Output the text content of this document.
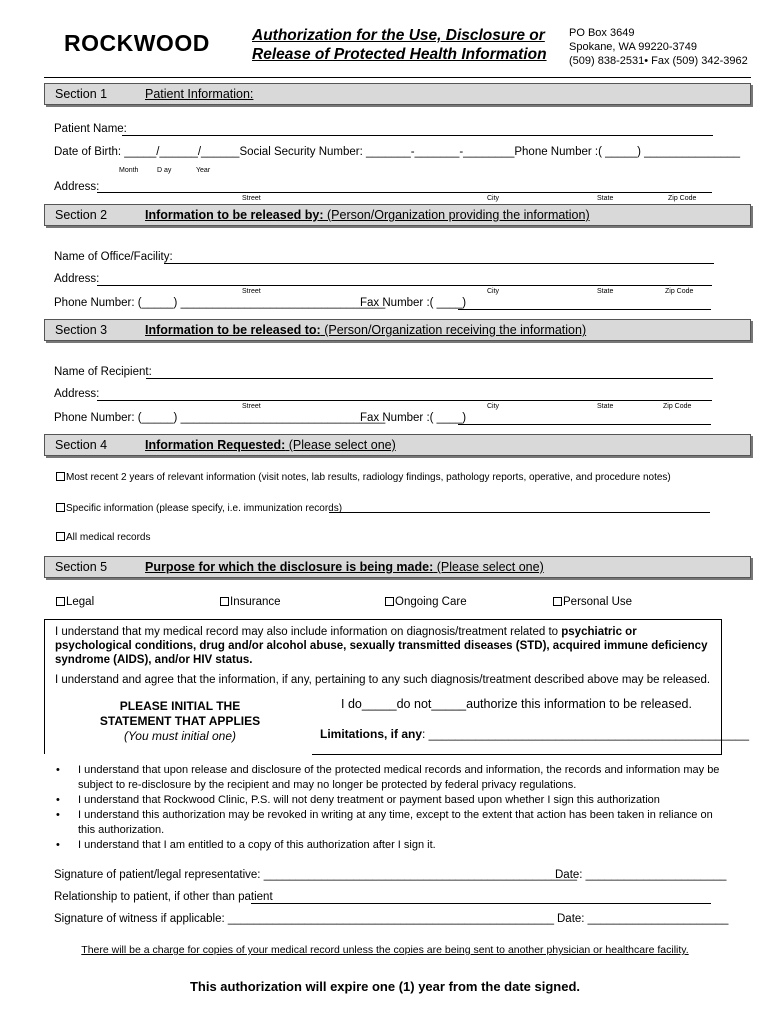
ROCKWOOD	Authorization for the Use, Disclosure or
Release of Protected Health Information
PO Box 3649
Spokane, WA 99220-3749
(509) 838-2531• Fax (509) 342-3962
Section 1	Patient Information:
Patient Name:
Date of Birth: _____/______/______Social Security Number: _______-_______-________Phone Number :( _____) _______________
Month	D ay	Year
Address:
Street	City	State	Zip Code
Section 2	Information to be released by: (Person/Organization providing the information)
Name of Office/Facility:
Address:
Street	City	State	Zip Code
Phone Number: (_____) ________________________________
Fax Number :( ____)
Section 3	Information to be released to: (Person/Organization receiving the information)
Name of Recipient:
Address:
Street	City	State	Zip Code
Phone Number: (_____) ________________________________
Fax Number :( ____)
Section 4	Information Requested: (Please select one)
Most recent 2 years of relevant information (visit notes, lab results, radiology findings, pathology reports, operative, and procedure notes)
Specific information (please specify, i.e. immunization records)
All medical records
Section 5	Purpose for which the disclosure is being made: (Please select one)
Legal	Insurance	Ongoing Care	Personal Use
I understand that my medical record may also include information on diagnosis/treatment related to psychiatric or psychological conditions, drug and/or alcohol abuse, sexually transmitted diseases (STD), acquired immune deficiency syndrome (AIDS), and/or HIV status.
I understand and agree that the information, if any, pertaining to any such diagnosis/treatment described above may be released.
PLEASE INITIAL THE
STATEMENT THAT APPLIES
(You must initial one)
I do_____do not_____authorize this information to be released.
Limitations, if any: ________________________________________________
•	I understand that upon release and disclosure of the protected medical records and information, the records and information may be subject to re-disclosure by the recipient and may no longer be protected by federal privacy regulations.
•	I understand that Rockwood Clinic, P.S. will not deny treatment or payment based upon whether I sign this authorization
•	I understand this authorization may be revoked in writing at any time, except to the extent that action has been taken in reliance on this authorization.
•	I understand that I am entitled to a copy of this authorization after I sign it.
Signature of patient/legal representative: _________________________________________________
Date: ______________________
Relationship to patient, if other than patient
Signature of witness if applicable: ___________________________________________________ Date: ______________________
There will be a charge for copies of your medical record unless the copies are being sent to another physician or healthcare facility.
This authorization will expire one (1) year from the date signed.
